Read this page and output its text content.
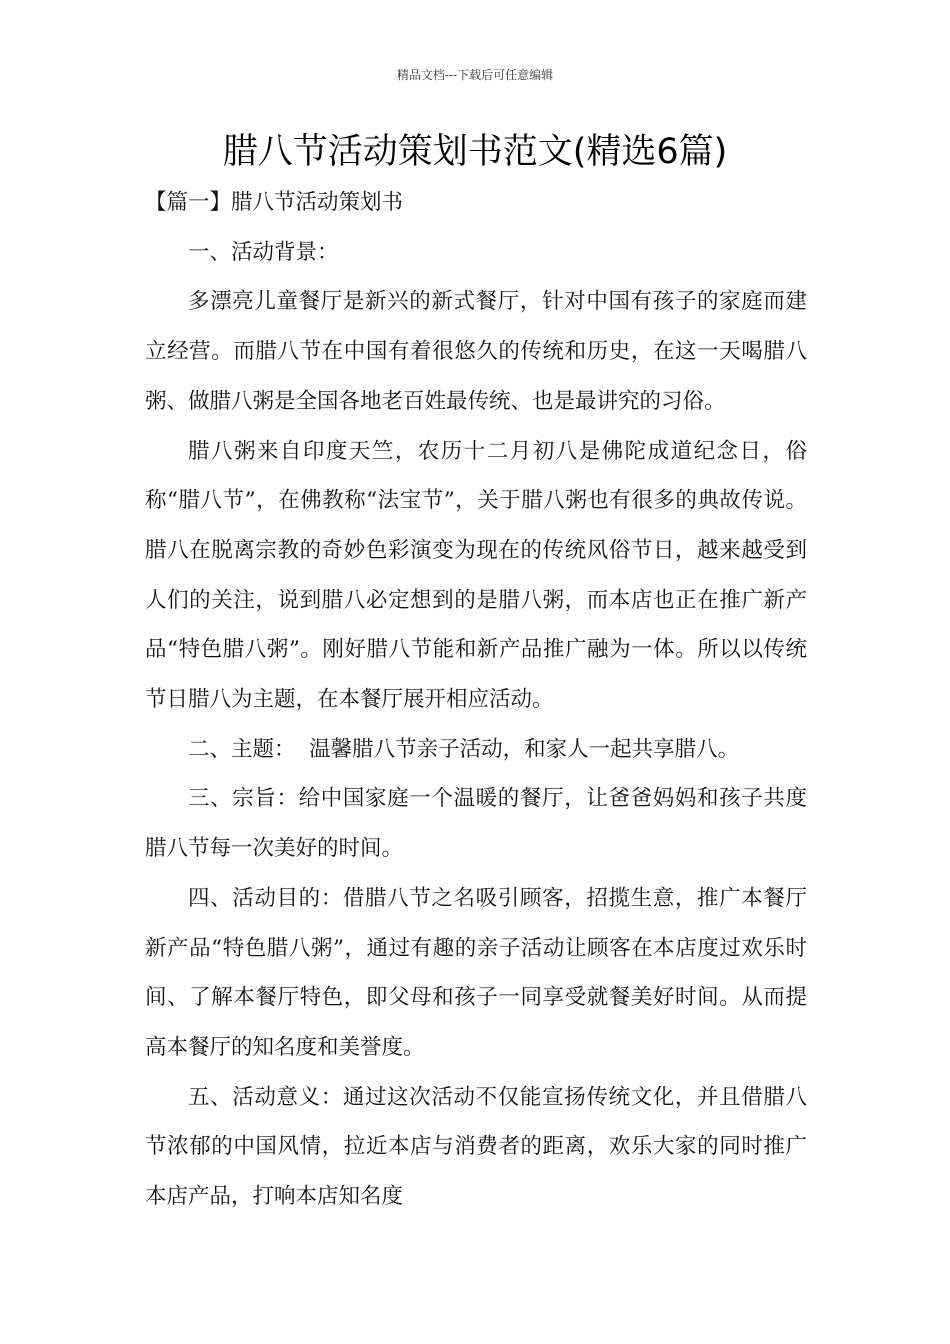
精品文档---下载后可任意编辑
腊八节活动策划书范文(精选6篇)

【篇一】腊八节活动策划书

一、活动背景：

多漂亮儿童餐厅是新兴的新式餐厅，针对中国有孩子的家庭而建立经营。而腊八节在中国有着很悠久的传统和历史，在这一天喝腊八粥、做腊八粥是全国各地老百姓最传统、也是最讲究的习俗。

腊八粥来自印度天竺，农历十二月初八是佛陀成道纪念日，俗称“腊八节”，在佛教称“法宝节”，关于腊八粥也有很多的典故传说。腊八在脱离宗教的奇妙色彩演变为现在的传统风俗节日，越来越受到人们的关注，说到腊八必定想到的是腊八粥，而本店也正在推广新产品“特色腊八粥”。刚好腊八节能和新产品推广融为一体。所以以传统节日腊八为主题，在本餐厅展开相应活动。

二、主题：  温馨腊八节亲子活动，和家人一起共享腊八。

三、宗旨：给中国家庭一个温暖的餐厅，让爸爸妈妈和孩子共度腊八节每一次美好的时间。

四、活动目的：借腊八节之名吸引顾客，招揽生意，推广本餐厅新产品“特色腊八粥”，通过有趣的亲子活动让顾客在本店度过欢乐时间、了解本餐厅特色，即父母和孩子一同享受就餐美好时间。从而提高本餐厅的知名度和美誉度。

五、活动意义：通过这次活动不仅能宣扬传统文化，并且借腊八节浓郁的中国风情，拉近本店与消费者的距离，欢乐大家的同时推广本店产品，打响本店知名度
